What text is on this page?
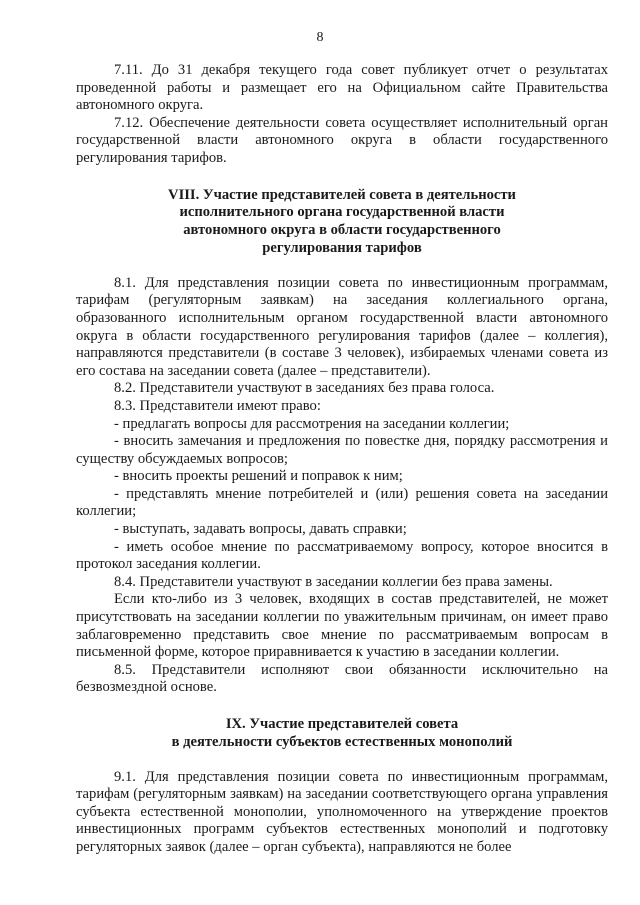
8

7.11. До 31 декабря текущего года совет публикует отчет о результатах проведенной работы и размещает его на Официальном сайте Правительства автономного округа.

7.12. Обеспечение деятельности совета осуществляет исполнительный орган государственной власти автономного округа в области государственного регулирования тарифов.

VIII. Участие представителей совета в деятельности
исполнительного органа государственной власти
автономного округа в области государственного
регулирования тарифов

8.1. Для представления позиции совета по инвестиционным программам, тарифам (регуляторным заявкам) на заседания коллегиального органа, образованного исполнительным органом государственной власти автономного округа в области государственного регулирования тарифов (далее – коллегия), направляются представители (в составе 3 человек), избираемых членами совета из его состава на заседании совета (далее – представители).

8.2. Представители участвуют в заседаниях без права голоса.

8.3. Представители имеют право:

- предлагать вопросы для рассмотрения на заседании коллегии;

- вносить замечания и предложения по повестке дня, порядку рассмотрения и существу обсуждаемых вопросов;

- вносить проекты решений и поправок к ним;

- представлять мнение потребителей и (или) решения совета на заседании коллегии;

- выступать, задавать вопросы, давать справки;

- иметь особое мнение по рассматриваемому вопросу, которое вносится в протокол заседания коллегии.

8.4. Представители участвуют в заседании коллегии без права замены.

Если кто-либо из 3 человек, входящих в состав представителей, не может присутствовать на заседании коллегии по уважительным причинам, он имеет право заблаговременно представить свое мнение по рассматриваемым вопросам в письменной форме, которое приравнивается к участию в заседании коллегии.

8.5. Представители исполняют свои обязанности исключительно на безвозмездной основе.

IX. Участие представителей совета
в деятельности субъектов естественных монополий

9.1. Для представления позиции совета по инвестиционным программам, тарифам (регуляторным заявкам) на заседании соответствующего органа управления субъекта естественной монополии, уполномоченного на утверждение проектов инвестиционных программ субъектов естественных монополий и подготовку регуляторных заявок (далее – орган субъекта), направляются не более
